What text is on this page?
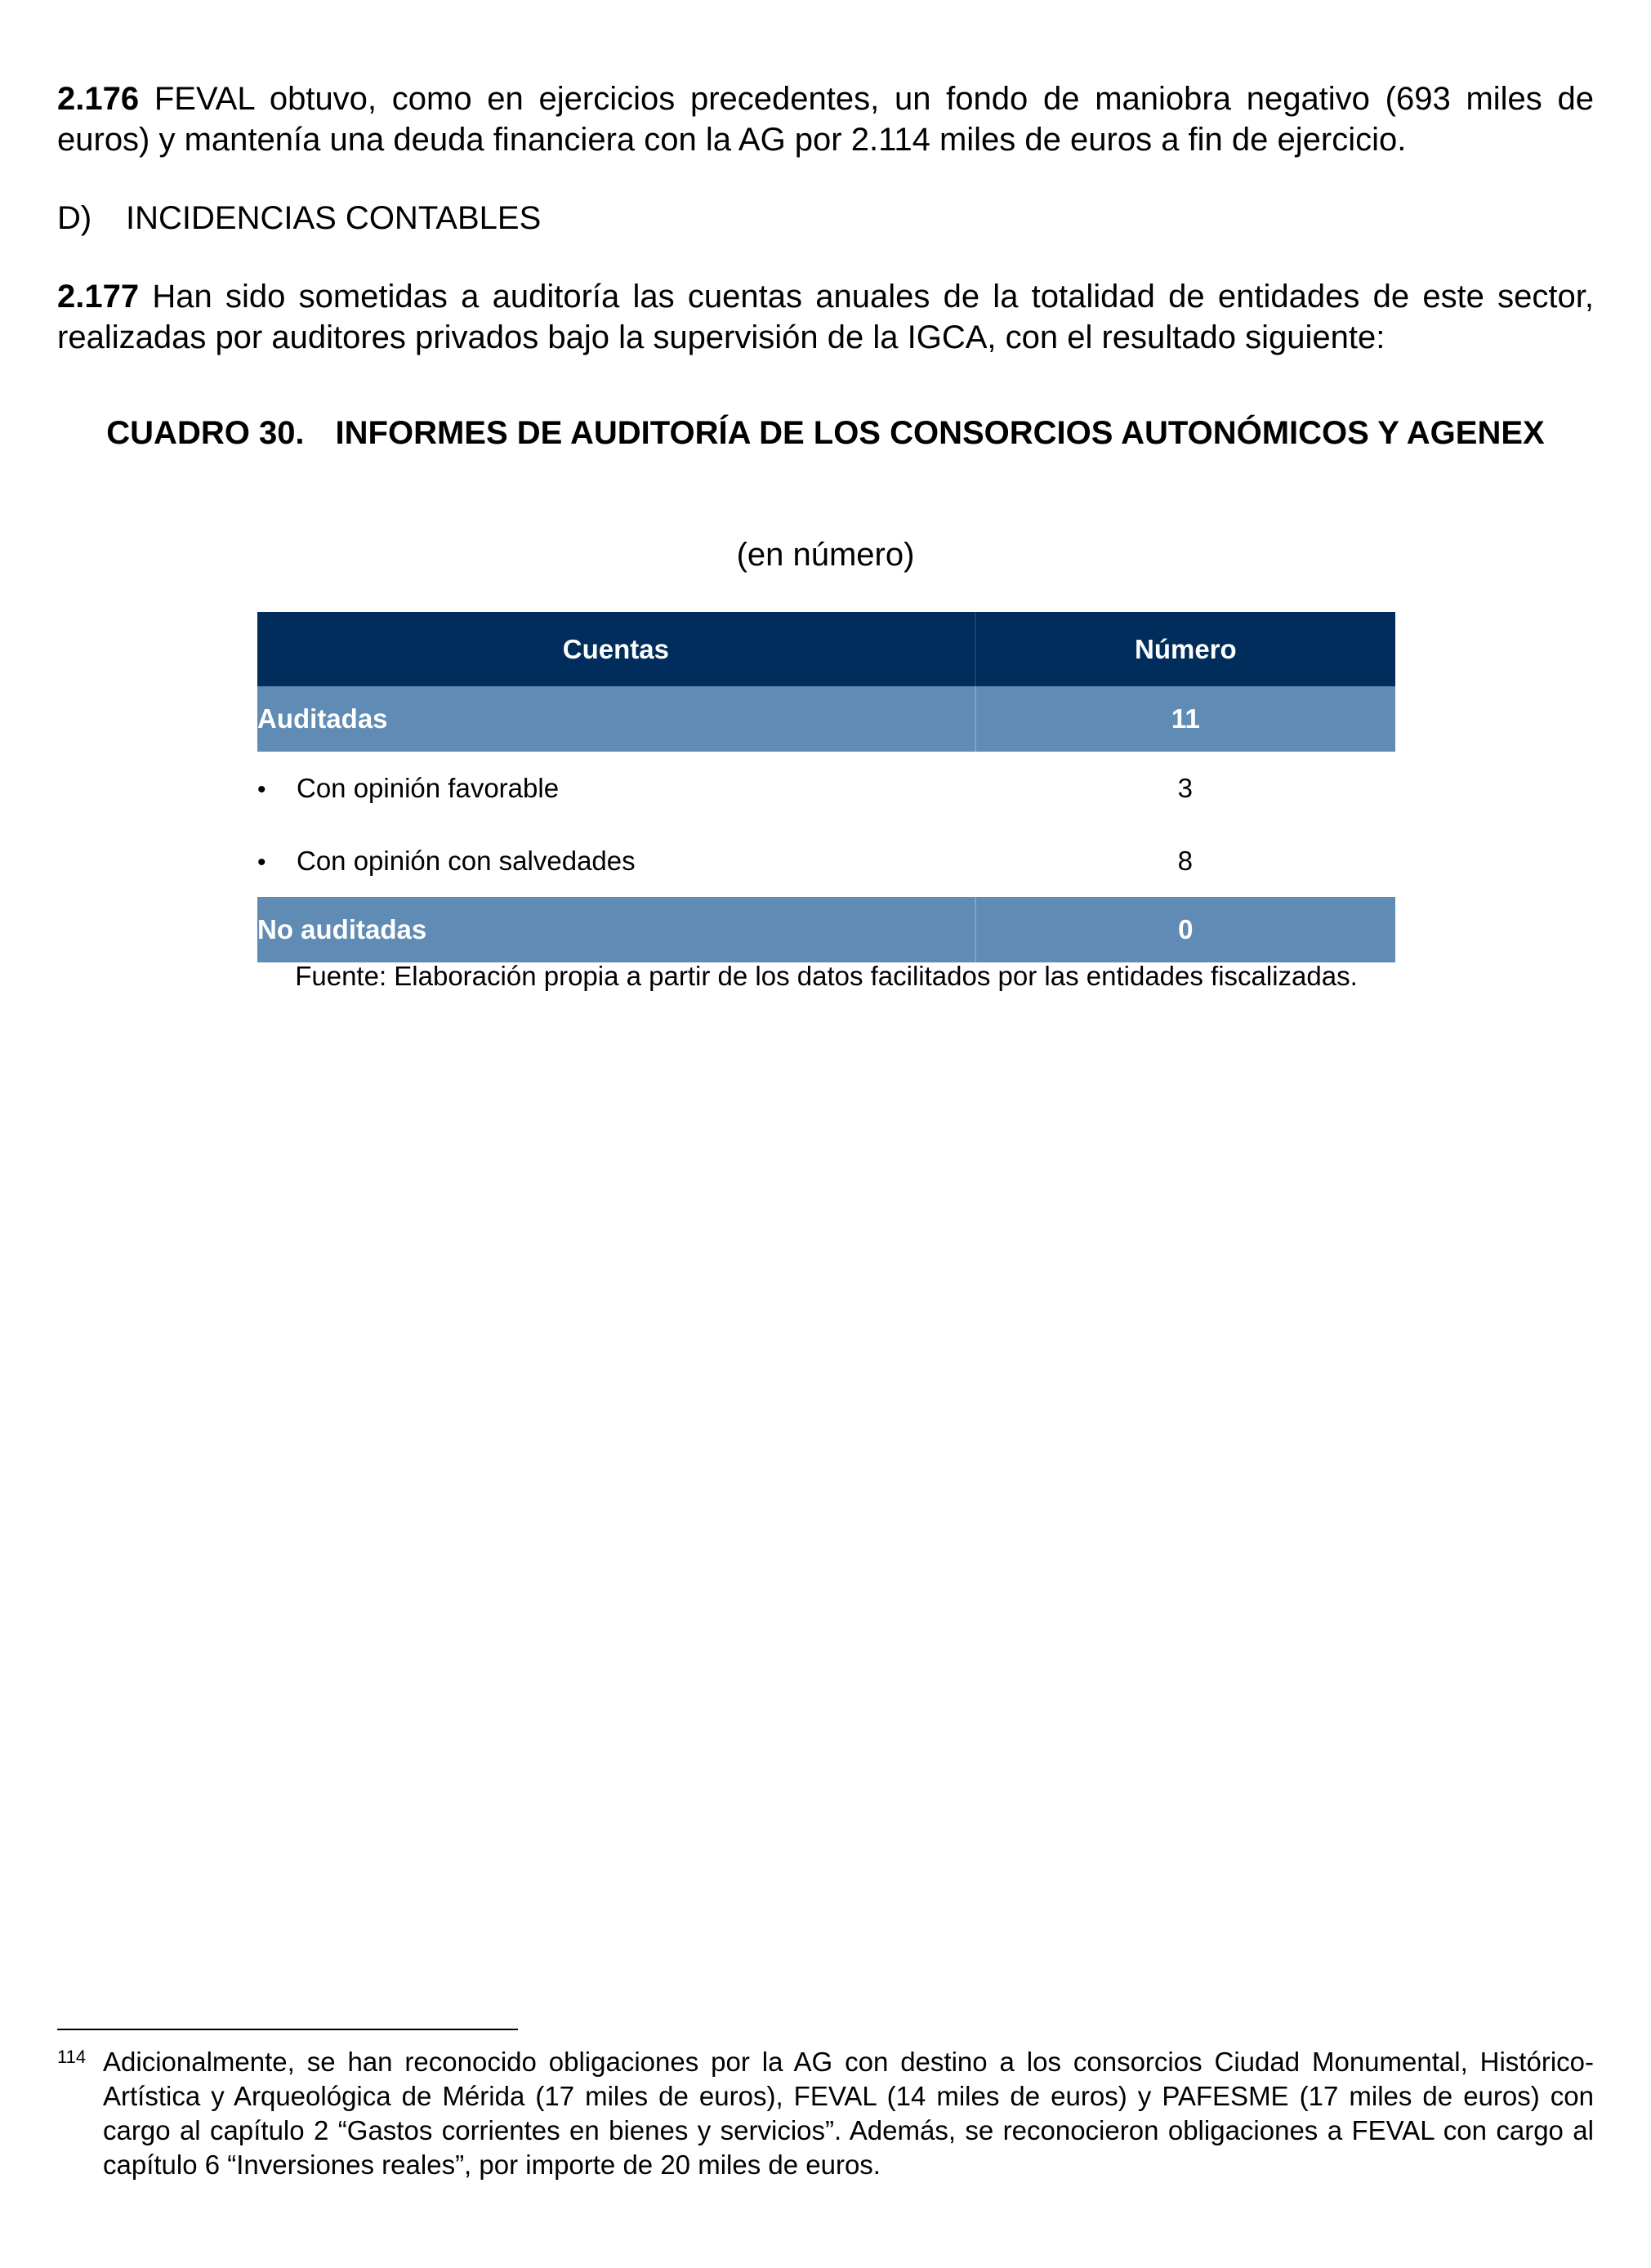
2.176 FEVAL obtuvo, como en ejercicios precedentes, un fondo de maniobra negativo (693 miles de euros) y mantenía una deuda financiera con la AG por 2.114 miles de euros a fin de ejercicio.

D) INCIDENCIAS CONTABLES

2.177 Han sido sometidas a auditoría las cuentas anuales de la totalidad de entidades de este sector, realizadas por auditores privados bajo la supervisión de la IGCA, con el resultado siguiente:

CUADRO 30. INFORMES DE AUDITORÍA DE LOS CONSORCIOS AUTONÓMICOS Y AGENEX

(en número)

Cuentas	Número
Auditadas	11
• Con opinión favorable	3
• Con opinión con salvedades	8
No auditadas	0

Fuente: Elaboración propia a partir de los datos facilitados por las entidades fiscalizadas.

114 Adicionalmente, se han reconocido obligaciones por la AG con destino a los consorcios Ciudad Monumental, Histórico-Artística y Arqueológica de Mérida (17 miles de euros), FEVAL (14 miles de euros) y PAFESME (17 miles de euros) con cargo al capítulo 2 “Gastos corrientes en bienes y servicios”. Además, se reconocieron obligaciones a FEVAL con cargo al capítulo 6 “Inversiones reales”, por importe de 20 miles de euros.
